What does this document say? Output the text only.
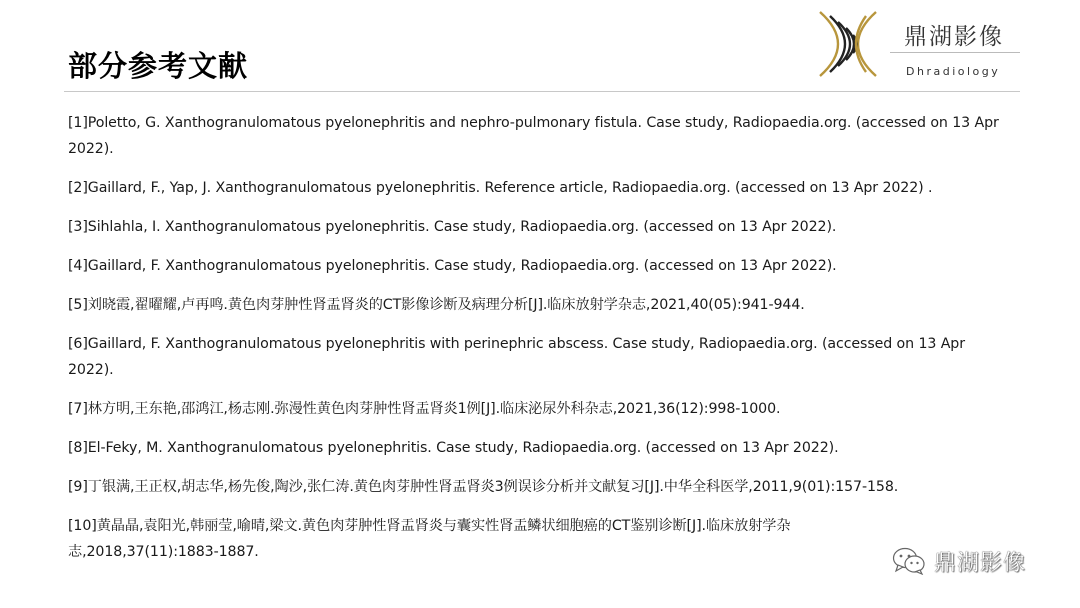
部分参考文献
鼎湖影像
Dhradiology
[1]Poletto, G. Xanthogranulomatous pyelonephritis and nephro-pulmonary fistula. Case study, Radiopaedia.org. (accessed on 13 Apr 2022).
[2]Gaillard, F., Yap, J. Xanthogranulomatous pyelonephritis. Reference article, Radiopaedia.org. (accessed on 13 Apr 2022) .
[3]Sihlahla, I. Xanthogranulomatous pyelonephritis. Case study, Radiopaedia.org. (accessed on 13 Apr 2022).
[4]Gaillard, F. Xanthogranulomatous pyelonephritis. Case study, Radiopaedia.org. (accessed on 13 Apr 2022).
[5]刘晓霞,翟曜耀,卢再鸣.黄色肉芽肿性肾盂肾炎的CT影像诊断及病理分析[J].临床放射学杂志,2021,40(05):941-944.
[6]Gaillard, F. Xanthogranulomatous pyelonephritis with perinephric abscess. Case study, Radiopaedia.org. (accessed on 13 Apr 2022).
[7]林方明,王东艳,邵鸿江,杨志刚.弥漫性黄色肉芽肿性肾盂肾炎1例[J].临床泌尿外科杂志,2021,36(12):998-1000.
[8]El-Feky, M. Xanthogranulomatous pyelonephritis. Case study, Radiopaedia.org. (accessed on 13 Apr 2022).
[9]丁银满,王正权,胡志华,杨先俊,陶沙,张仁涛.黄色肉芽肿性肾盂肾炎3例误诊分析并文献复习[J].中华全科医学,2011,9(01):157-158.
[10]黄晶晶,袁阳光,韩丽莹,喻晴,梁文.黄色肉芽肿性肾盂肾炎与囊实性肾盂鳞状细胞癌的CT鉴别诊断[J].临床放射学杂志,2018,37(11):1883-1887.	鼎湖影像
